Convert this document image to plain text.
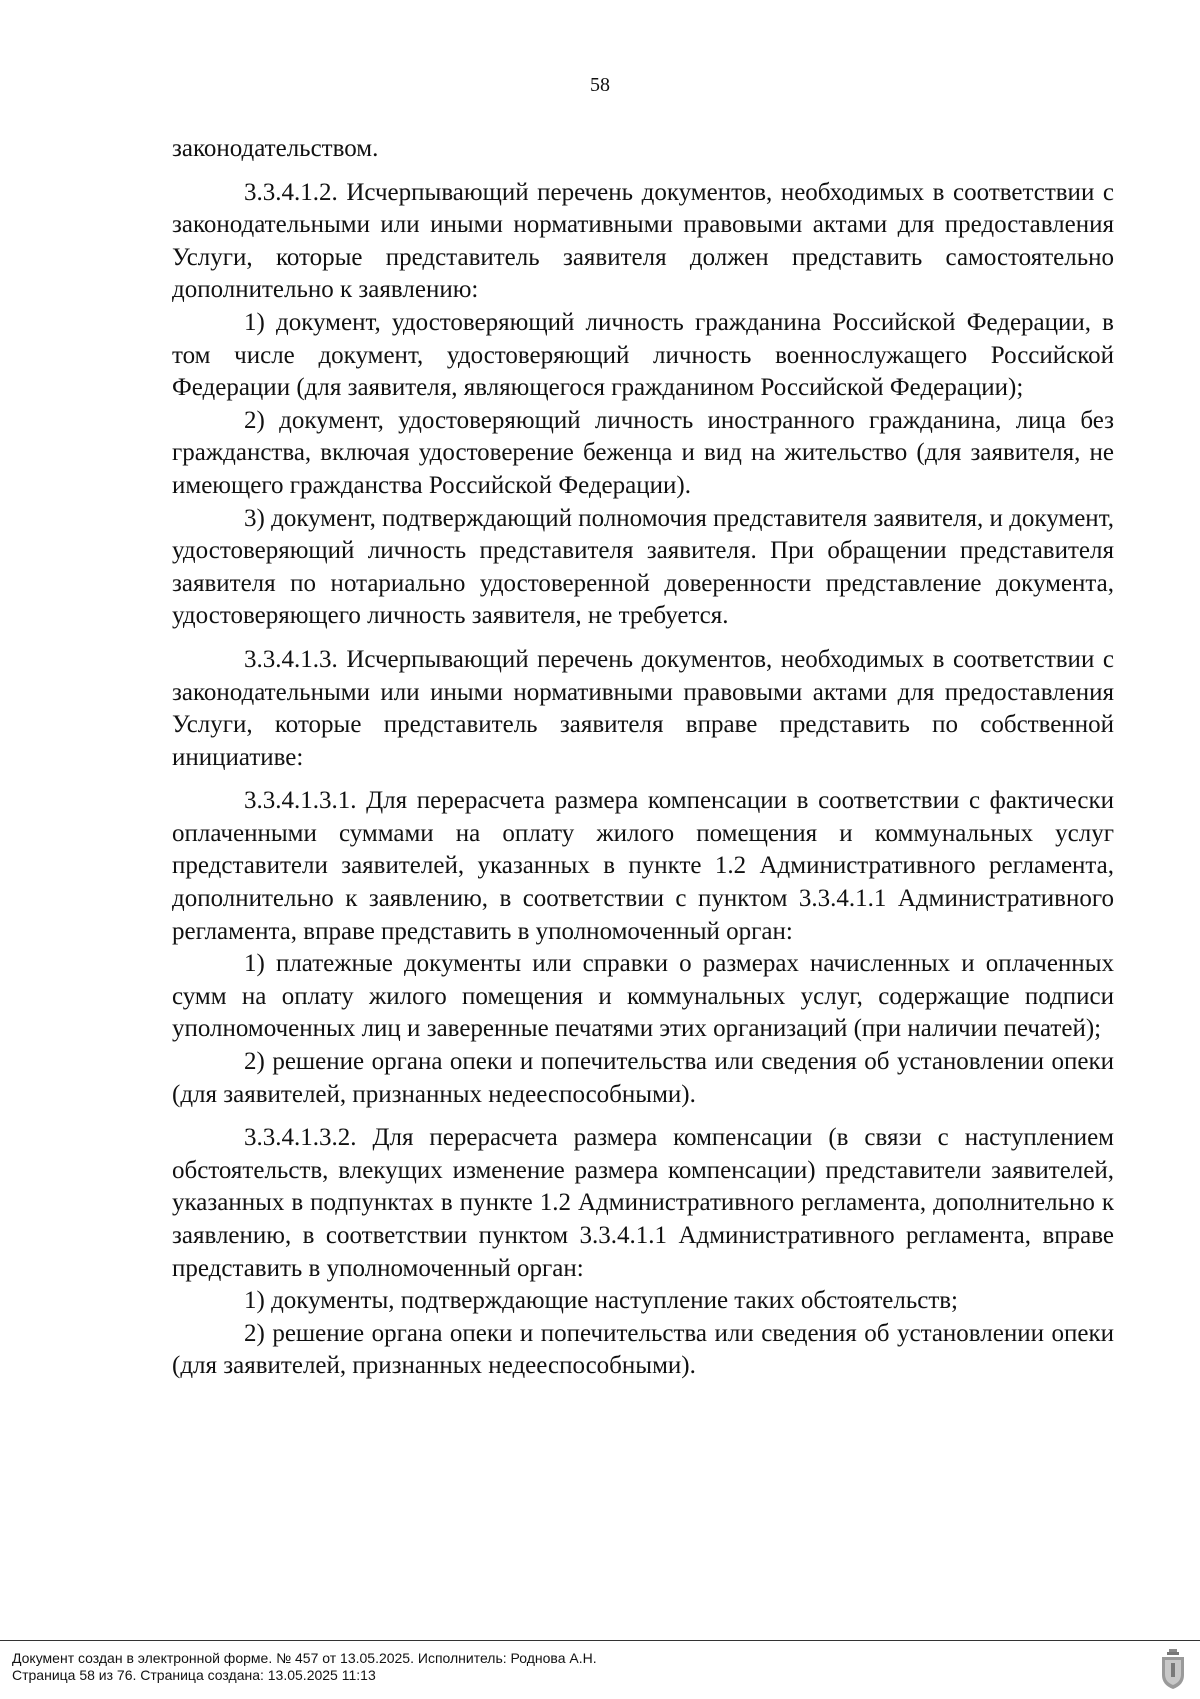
58

законодательством.

3.3.4.1.2. Исчерпывающий перечень документов, необходимых в соответствии с законодательными или иными нормативными правовыми актами для предоставления Услуги, которые представитель заявителя должен представить самостоятельно дополнительно к заявлению:

1) документ, удостоверяющий личность гражданина Российской Федерации, в том числе документ, удостоверяющий личность военнослужащего Российской Федерации (для заявителя, являющегося гражданином Российской Федерации);

2) документ, удостоверяющий личность иностранного гражданина, лица без гражданства, включая удостоверение беженца и вид на жительство (для заявителя, не имеющего гражданства Российской Федерации).

3) документ, подтверждающий полномочия представителя заявителя, и документ, удостоверяющий личность представителя заявителя. При обращении представителя заявителя по нотариально удостоверенной доверенности представление документа, удостоверяющего личность заявителя, не требуется.

3.3.4.1.3. Исчерпывающий перечень документов, необходимых в соответствии с законодательными или иными нормативными правовыми актами для предоставления Услуги, которые представитель заявителя вправе представить по собственной инициативе:

3.3.4.1.3.1. Для перерасчета размера компенсации в соответствии с фактически оплаченными суммами на оплату жилого помещения и коммунальных услуг представители заявителей, указанных в пункте 1.2 Административного регламента, дополнительно к заявлению, в соответствии с пунктом 3.3.4.1.1 Административного регламента, вправе представить в уполномоченный орган:

1) платежные документы или справки о размерах начисленных и оплаченных сумм на оплату жилого помещения и коммунальных услуг, содержащие подписи уполномоченных лиц и заверенные печатями этих организаций (при наличии печатей);

2) решение органа опеки и попечительства или сведения об установлении опеки (для заявителей, признанных недееспособными).

3.3.4.1.3.2. Для перерасчета размера компенсации (в связи с наступлением обстоятельств, влекущих изменение размера компенсации) представители заявителей, указанных в подпунктах в пункте 1.2 Административного регламента, дополнительно к заявлению, в соответствии пунктом 3.3.4.1.1 Административного регламента, вправе представить в уполномоченный орган:

1) документы, подтверждающие наступление таких обстоятельств;

2) решение органа опеки и попечительства или сведения об установлении опеки (для заявителей, признанных недееспособными).

Документ создан в электронной форме. № 457 от 13.05.2025. Исполнитель: Роднова А.Н.
Страница 58 из 76. Страница создана: 13.05.2025 11:13
